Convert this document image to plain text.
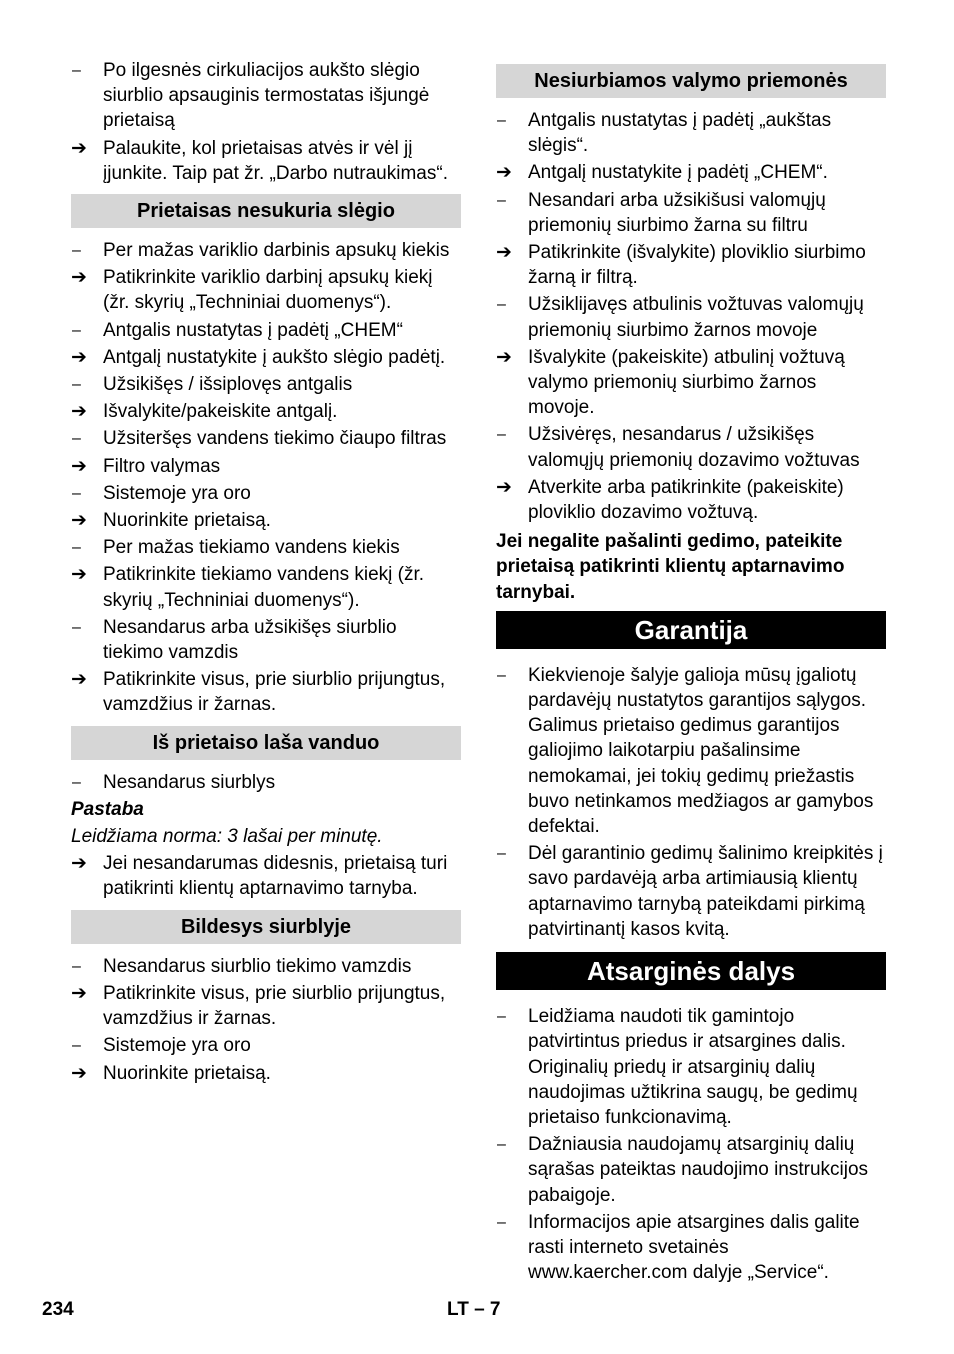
–	Po ilgesnės cirkuliacijos aukšto slėgio siurblio apsauginis termostatas išjungė prietaisą
➔ Palaukite, kol prietaisas atvės ir vėl jį įjunkite. Taip pat žr. „Darbo nutraukimas“.
Prietaisas nesukuria slėgio
–	Per mažas variklio darbinis apsukų kiekis
➔ Patikrinkite variklio darbinį apsukų kiekį (žr. skyrių „Techniniai duomenys“).
–	Antgalis nustatytas į padėtį „CHEM“
➔ Antgalį nustatykite į aukšto slėgio padėtį.
–	Užsikišęs / išsiplovęs antgalis
➔ Išvalykite/pakeiskite antgalį.
–	Užsiteršęs vandens tiekimo čiaupo filtras
➔ Filtro valymas
–	Sistemoje yra oro
➔ Nuorinkite prietaisą.
–	Per mažas tiekiamo vandens kiekis
➔ Patikrinkite tiekiamo vandens kiekį (žr. skyrių „Techniniai duomenys“).
–	Nesandarus arba užsikišęs siurblio tiekimo vamzdis
➔ Patikrinkite visus, prie siurblio prijungtus, vamzdžius ir žarnas.
Iš prietaiso laša vanduo
–	Nesandarus siurblys
Pastaba
Leidžiama norma: 3 lašai per minutę.
➔ Jei nesandarumas didesnis, prietaisą turi patikrinti klientų aptarnavimo tarnyba.
Bildesys siurblyje
–	Nesandarus siurblio tiekimo vamzdis
➔ Patikrinkite visus, prie siurblio prijungtus, vamzdžius ir žarnas.
–	Sistemoje yra oro
➔ Nuorinkite prietaisą.
Nesiurbiamos valymo priemonės
–	Antgalis nustatytas į padėtį „aukštas slėgis“.
➔ Antgalį nustatykite į padėtį „CHEM“.
–	Nesandari arba užsikišusi valomųjų priemonių siurbimo žarna su filtru
➔ Patikrinkite (išvalykite) ploviklio siurbimo žarną ir filtrą.
–	Užsiklijavęs atbulinis vožtuvas valomųjų priemonių siurbimo žarnos movoje
➔ Išvalykite (pakeiskite) atbulinį vožtuvą valymo priemonių siurbimo žarnos movoje.
–	Užsivėręs, nesandarus / užsikišęs valomųjų priemonių dozavimo vožtuvas
➔ Atverkite arba patikrinkite (pakeiskite) ploviklio dozavimo vožtuvą.
Jei negalite pašalinti gedimo, pateikite prietaisą patikrinti klientų aptarnavimo tarnybai.
Garantija
–	Kiekvienoje šalyje galioja mūsų įgaliotų pardavėjų nustatytos garantijos sąlygos. Galimus prietaiso gedimus garantijos galiojimo laikotarpiu pašalinsime nemokamai, jei tokių gedimų priežastis buvo netinkamos medžiagos ar gamybos defektai.
–	Dėl garantinio gedimų šalinimo kreipkitės į savo pardavėją arba artimiausią klientų aptarnavimo tarnybą pateikdami pirkimą patvirtinantį kasos kvitą.
Atsarginės dalys
–	Leidžiama naudoti tik gamintojo patvirtintus priedus ir atsargines dalis. Originalių priedų ir atsarginių dalių naudojimas užtikrina saugų, be gedimų prietaiso funkcionavimą.
–	Dažniausia naudojamų atsarginių dalių sąrašas pateiktas naudojimo instrukcijos pabaigoje.
–	Informacijos apie atsargines dalis galite rasti interneto svetainės www.kaercher.com dalyje „Service“.
234	LT – 7
